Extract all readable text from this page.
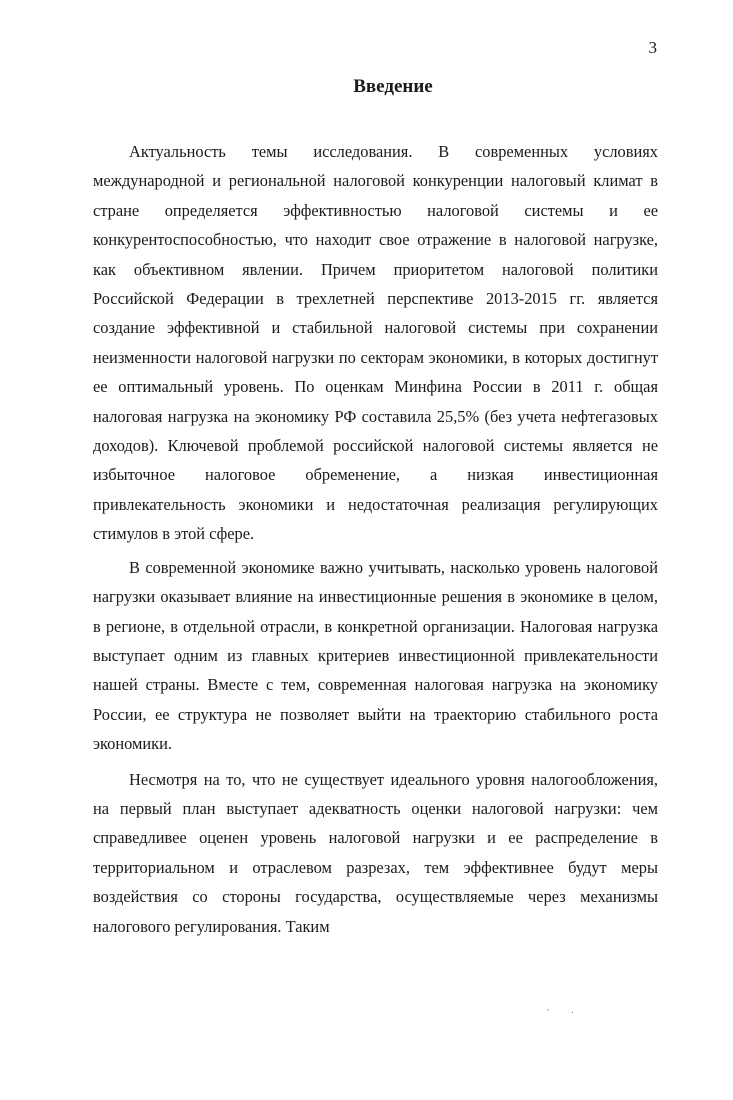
3
Введение

Актуальность темы исследования. В современных условиях международной и региональной налоговой конкуренции налоговый климат в стране определяется эффективностью налоговой системы и ее конкурентоспособностью, что находит свое отражение в налоговой нагрузке, как объективном явлении. Причем приоритетом налоговой политики Российской Федерации в трехлетней перспективе 2013-2015 гг. является создание эффективной и стабильной налоговой системы при сохранении неизменности налоговой нагрузки по секторам экономики, в которых достигнут ее оптимальный уровень. По оценкам Минфина России в 2011 г. общая налоговая нагрузка на экономику РФ составила 25,5% (без учета нефтегазовых доходов). Ключевой проблемой российской налоговой системы является не избыточное налоговое обременение, а низкая инвестиционная привлекательность экономики и недостаточная реализация регулирующих стимулов в этой сфере.

В современной экономике важно учитывать, насколько уровень налоговой нагрузки оказывает влияние на инвестиционные решения в экономике в целом, в регионе, в отдельной отрасли, в конкретной организации. Налоговая нагрузка выступает одним из главных критериев инвестиционной привлекательности нашей страны. Вместе с тем, современная налоговая нагрузка на экономику России, ее структура не позволяет выйти на траекторию стабильного роста экономики.

Несмотря на то, что не существует идеального уровня налогообложения, на первый план выступает адекватность оценки налоговой нагрузки: чем справедливее оценен уровень налоговой нагрузки и ее распределение в территориальном и отраслевом разрезах, тем эффективнее будут меры воздействия со стороны государства, осуществляемые через механизмы налогового регулирования. Таким

'·
